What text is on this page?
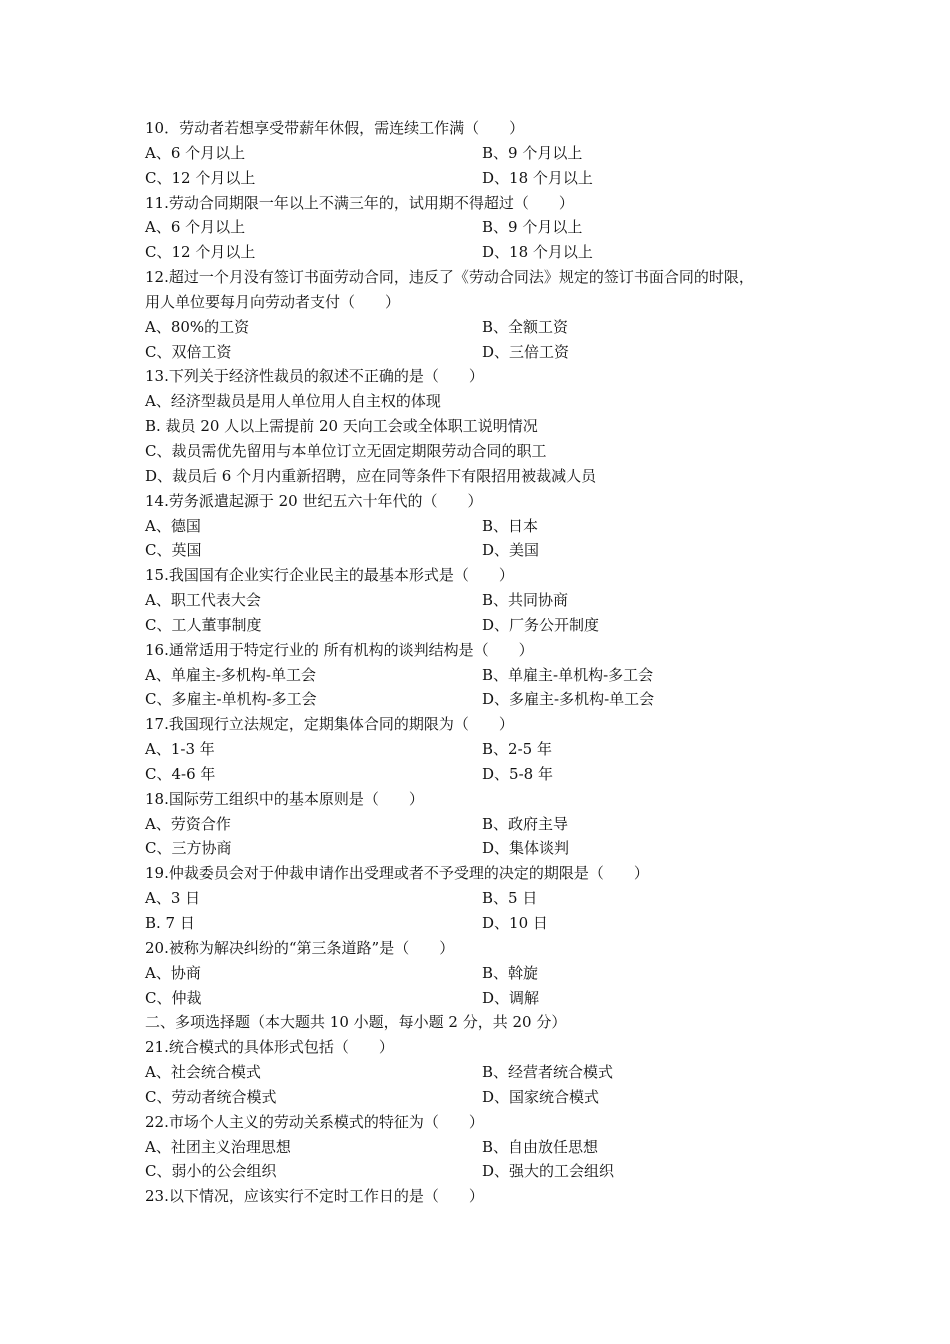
10．劳动者若想享受带薪年休假，需连续工作满（　　）
A、6 个月以上	B、9 个月以上
C、12 个月以上	D、18 个月以上
11.劳动合同期限一年以上不满三年的，试用期不得超过（　　）
A、6 个月以上	B、9 个月以上
C、12 个月以上	D、18 个月以上
12.超过一个月没有签订书面劳动合同，违反了《劳动合同法》规定的签订书面合同的时限，
用人单位要每月向劳动者支付（　　）
A、80%的工资	B、全额工资
C、双倍工资	D、三倍工资
13.下列关于经济性裁员的叙述不正确的是（　　）
A、经济型裁员是用人单位用人自主权的体现
B. 裁员 20 人以上需提前 20 天向工会或全体职工说明情况
C、裁员需优先留用与本单位订立无固定期限劳动合同的职工
D、裁员后 6 个月内重新招聘，应在同等条件下有限招用被裁减人员
14.劳务派遣起源于 20 世纪五六十年代的（　　）
A、德国	B、日本
C、英国	D、美国
15.我国国有企业实行企业民主的最基本形式是（　　）
A、职工代表大会	B、共同协商
C、工人董事制度	D、厂务公开制度
16.通常适用于特定行业的 所有机构的谈判结构是（　　）
A、单雇主-多机构-单工会	B、单雇主-单机构-多工会
C、多雇主-单机构-多工会	D、多雇主-多机构-单工会
17.我国现行立法规定，定期集体合同的期限为（　　）
A、1-3 年	B、2-5 年
C、4-6 年	D、5-8 年
18.国际劳工组织中的基本原则是（　　）
A、劳资合作	B、政府主导
C、三方协商	D、集体谈判
19.仲裁委员会对于仲裁申请作出受理或者不予受理的决定的期限是（　　）
A、3 日	B、5 日
B. 7 日	D、10 日
20.被称为解决纠纷的“第三条道路”是（　　）
A、协商	B、斡旋
C、仲裁	D、调解
二、多项选择题（本大题共 10 小题，每小题 2 分，共 20 分）
21.统合模式的具体形式包括（　　）
A、社会统合模式	B、经营者统合模式
C、劳动者统合模式	D、国家统合模式
22.市场个人主义的劳动关系模式的特征为（　　）
A、社团主义治理思想	B、自由放任思想
C、弱小的公会组织	D、强大的工会组织
23.以下情况，应该实行不定时工作日的是（　　）
